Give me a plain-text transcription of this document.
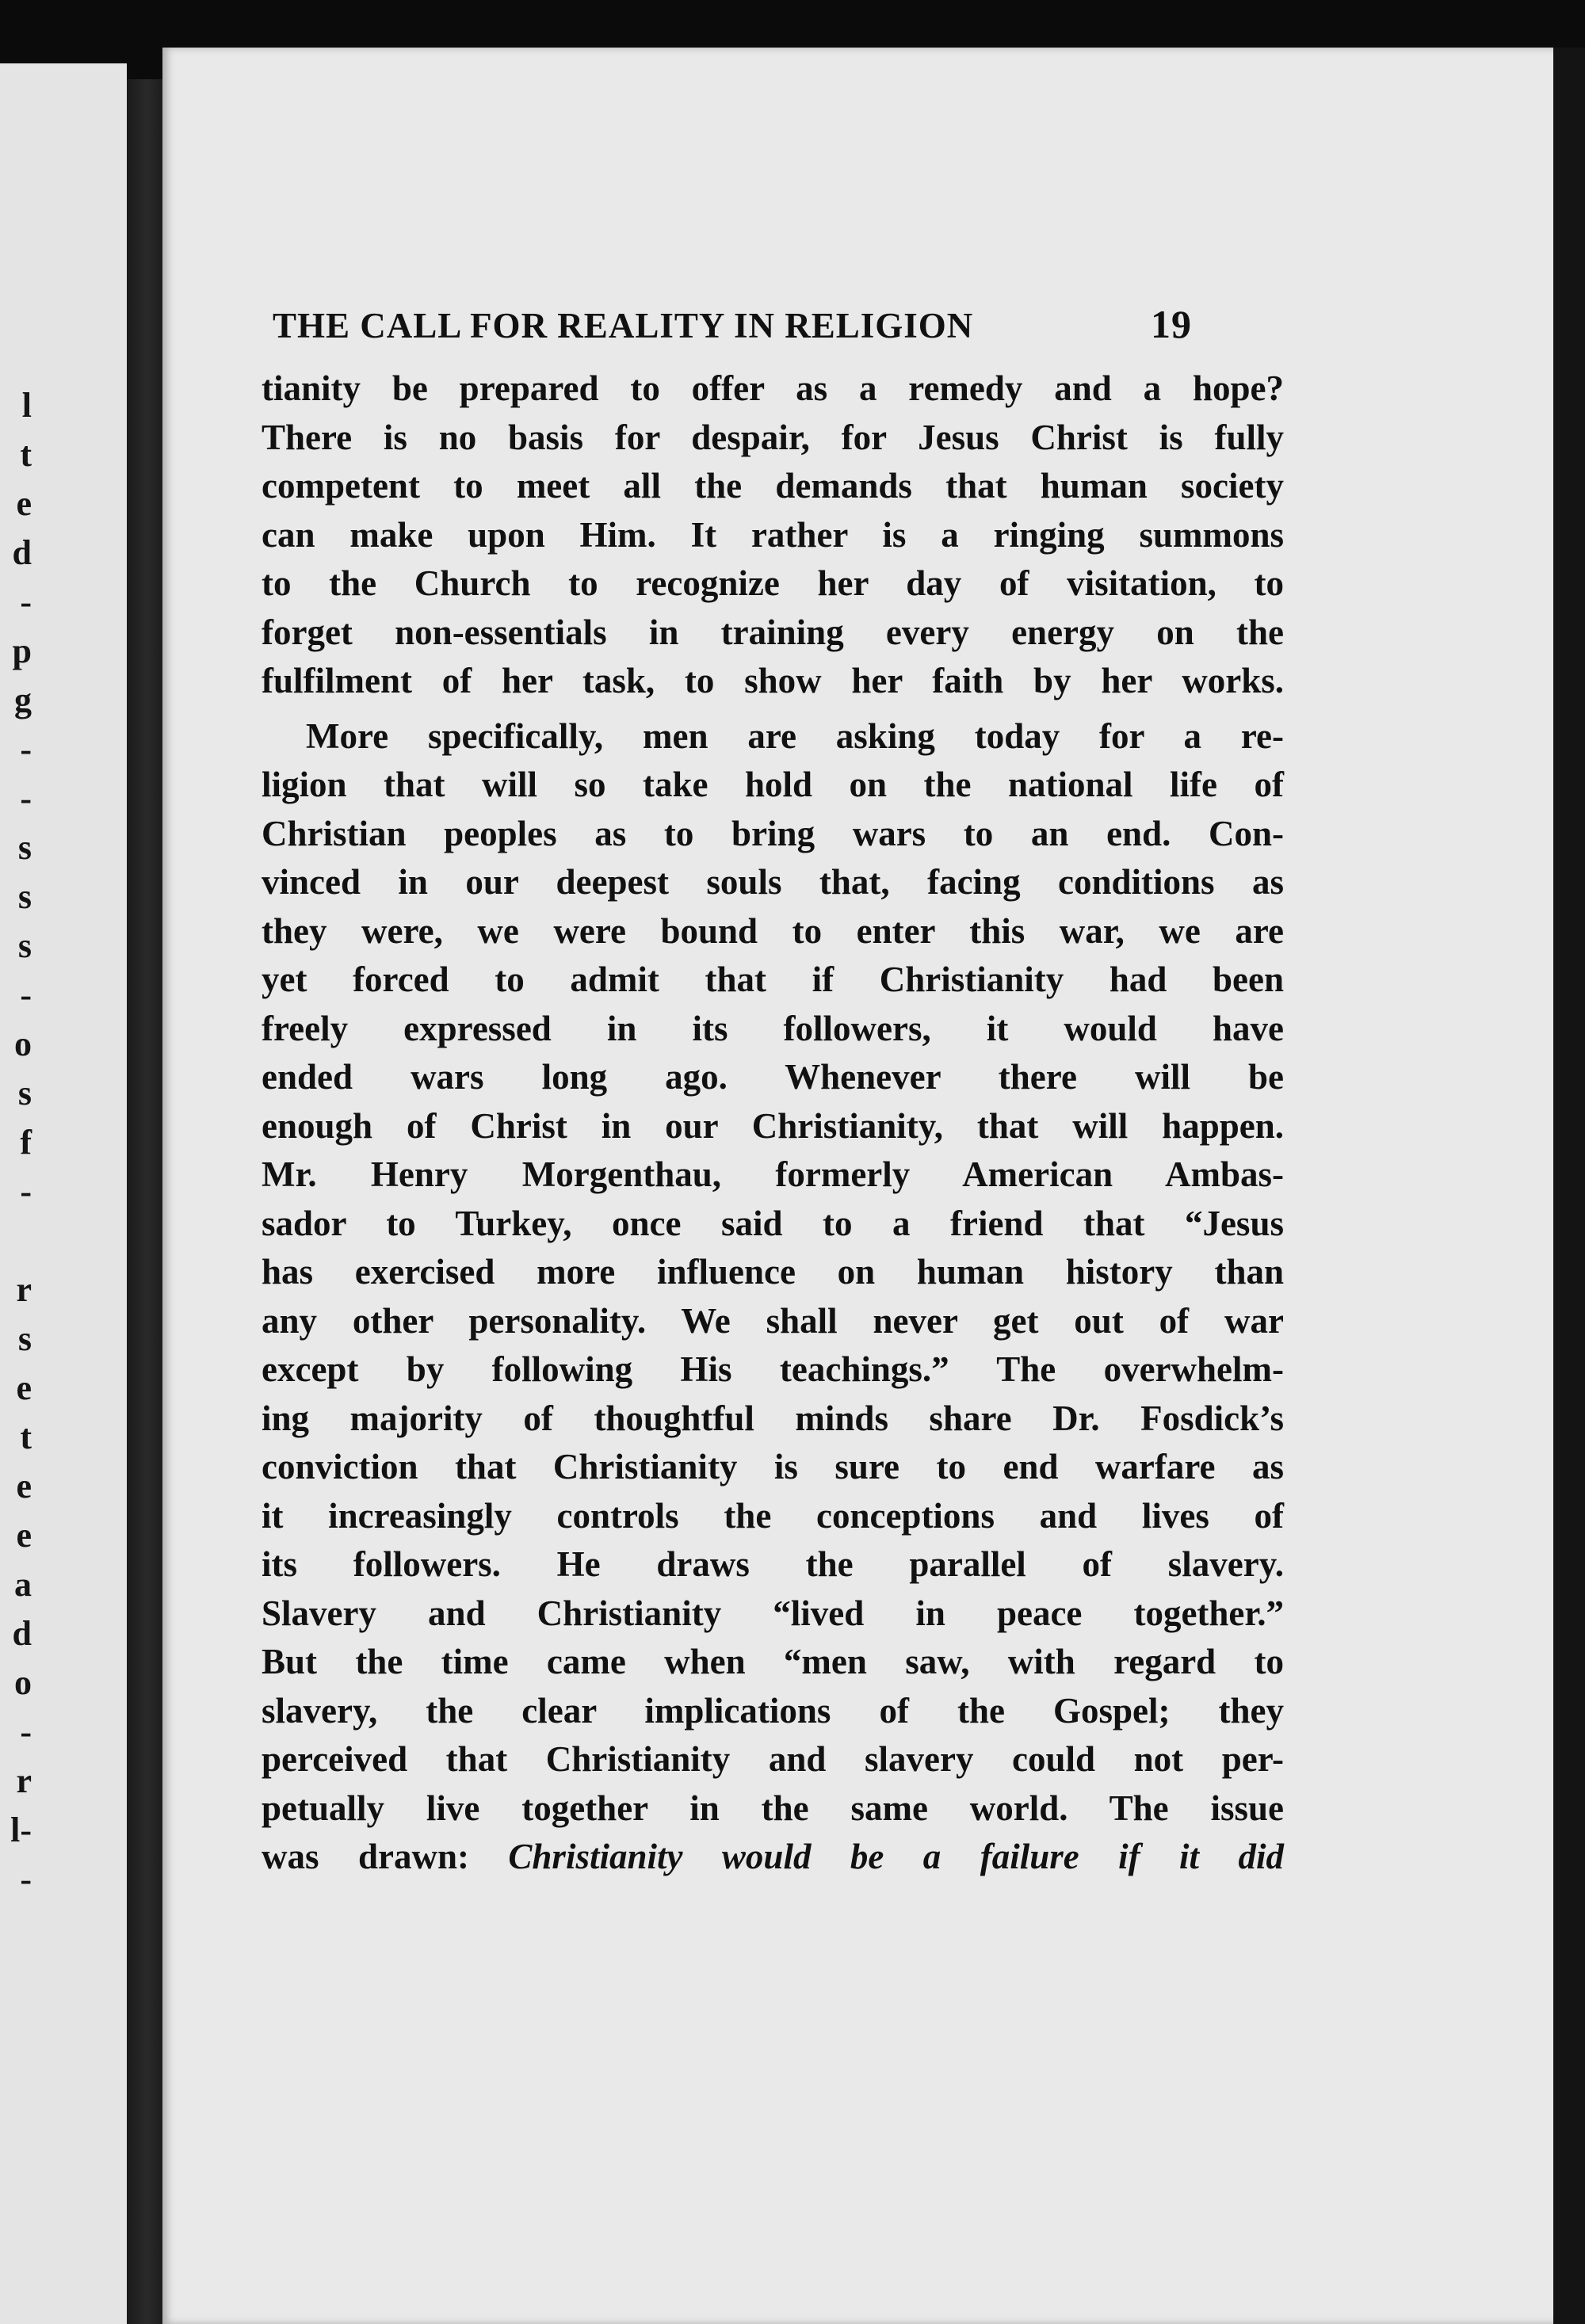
l
t
e
d
-
p
g
-
-
s
s
s
-
o
s
f
-
r
s
e
t
e
e
a
d
o
-
r
l-
-
THE CALL FOR REALITY IN RELIGION	19
tianity be prepared to offer as a remedy and a hope?
There is no basis for despair, for Jesus Christ is fully
competent to meet all the demands that human society
can make upon Him. It rather is a ringing summons
to the Church to recognize her day of visitation, to
forget non-essentials in training every energy on the
fulfilment of her task, to show her faith by her works.
More specifically, men are asking today for a re-
ligion that will so take hold on the national life of
Christian peoples as to bring wars to an end. Con-
vinced in our deepest souls that, facing conditions as
they were, we were bound to enter this war, we are
yet forced to admit that if Christianity had been
freely expressed in its followers, it would have
ended wars long ago. Whenever there will be
enough of Christ in our Christianity, that will happen.
Mr. Henry Morgenthau, formerly American Ambas-
sador to Turkey, once said to a friend that “Jesus
has exercised more influence on human history than
any other personality. We shall never get out of war
except by following His teachings.” The overwhelm-
ing majority of thoughtful minds share Dr. Fosdick’s
conviction that Christianity is sure to end warfare as
it increasingly controls the conceptions and lives of
its followers. He draws the parallel of slavery.
Slavery and Christianity “lived in peace together.”
But the time came when “men saw, with regard to
slavery, the clear implications of the Gospel; they
perceived that Christianity and slavery could not per-
petually live together in the same world. The issue
was drawn: Christianity would be a failure if it did
